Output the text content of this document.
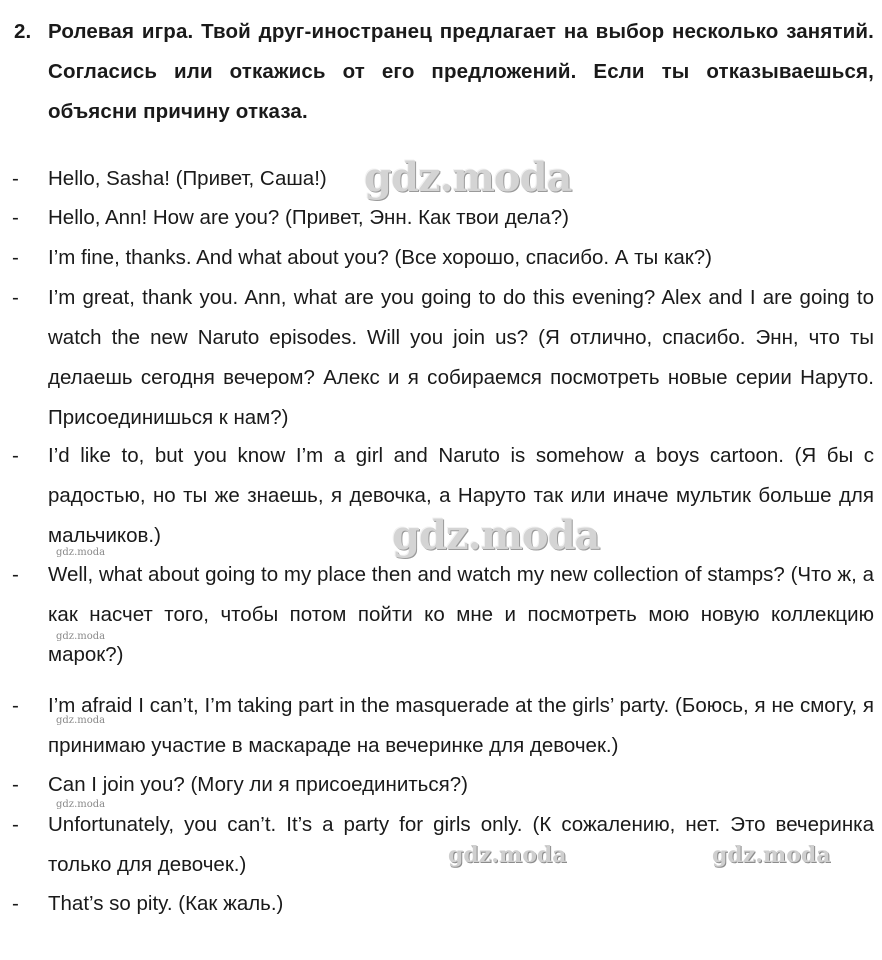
2. Ролевая игра. Твой друг-иностранец предлагает на выбор несколько занятий. Согласись или откажись от его предложений. Если ты отказываешься, объясни причину отказа.
- Hello, Sasha! (Привет, Саша!)
- Hello, Ann! How are you? (Привет, Энн. Как твои дела?)
- I’m fine, thanks. And what about you? (Все хорошо, спасибо. А ты как?)
- I’m great, thank you. Ann, what are you going to do this evening? Alex and I are going to watch the new Naruto episodes. Will you join us? (Я отлично, спасибо. Энн, что ты делаешь сегодня вечером? Алекс и я собираемся посмотреть новые серии Наруто. Присоединишься к нам?)
- I’d like to, but you know I’m a girl and Naruto is somehow a boys cartoon. (Я бы с радостью, но ты же знаешь, я девочка, а Наруто так или иначе мультик больше для мальчиков.)
- Well, what about going to my place then and watch my new collection of stamps? (Что ж, а как насчет того, чтобы потом пойти ко мне и посмотреть мою новую коллекцию марок?)
- I’m afraid I can’t, I’m taking part in the masquerade at the girls’ party. (Боюсь, я не смогу, я принимаю участие в маскараде на вечеринке для девочек.)
- Can I join you? (Могу ли я присоединиться?)
- Unfortunately, you can’t. It’s a party for girls only. (К сожалению, нет. Это вечеринка только для девочек.)
- That’s so pity. (Как жаль.)
gdz.moda
gdz.moda
gdz.moda	gdz.moda
gdz.moda
gdz.moda
gdz.moda
gdz.moda
